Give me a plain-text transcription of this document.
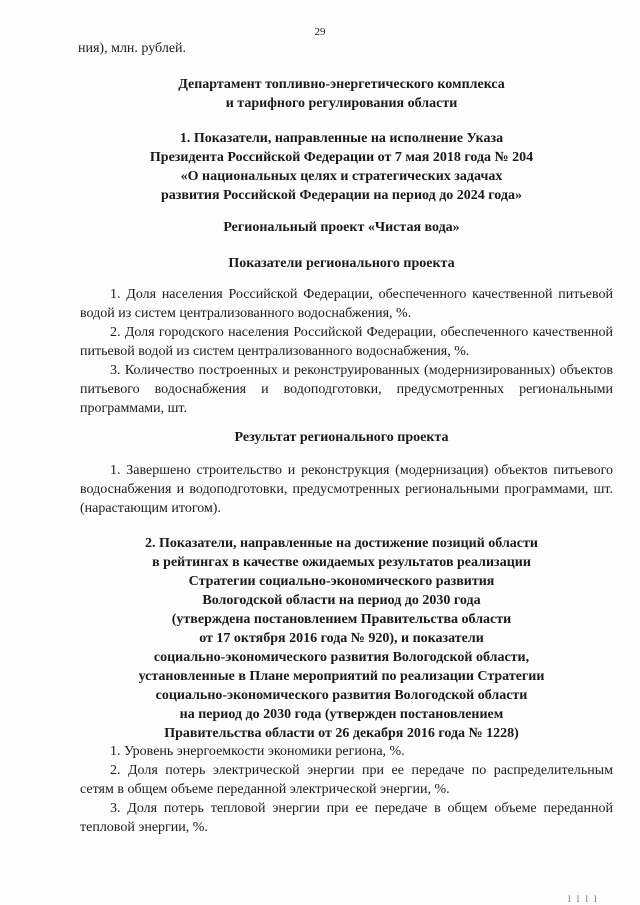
29
ния), млн. рублей.
Департамент топливно-энергетического комплекса
и тарифного регулирования области
1. Показатели, направленные на исполнение Указа
Президента Российской Федерации от 7 мая 2018 года № 204
«О национальных целях и стратегических задачах
развития Российской Федерации на период до 2024 года»
Региональный проект «Чистая вода»
Показатели регионального проекта

1. Доля населения Российской Федерации, обеспеченного качественной питьевой водой из систем централизованного водоснабжения, %.

2. Доля городского населения Российской Федерации, обеспеченного качественной питьевой водой из систем централизованного водоснабжения, %.

3. Количество построенных и реконструированных (модернизированных) объектов питьевого водоснабжения и водоподготовки, предусмотренных региональными программами, шт.

Результат регионального проекта

1. Завершено строительство и реконструкция (модернизация) объектов питьевого водоснабжения и водоподготовки, предусмотренных региональными программами, шт. (нарастающим итогом).

2. Показатели, направленные на достижение позиций области
в рейтингах в качестве ожидаемых результатов реализации
Стратегии социально-экономического развития
Вологодской области на период до 2030 года
(утверждена постановлением Правительства области
от 17 октября 2016 года № 920), и показатели
социально-экономического развития Вологодской области,
установленные в Плане мероприятий по реализации Стратегии
социально-экономического развития Вологодской области
на период до 2030 года (утвержден постановлением
Правительства области от 26 декабря 2016 года № 1228)

1. Уровень энергоемкости экономики региона, %.

2. Доля потерь электрической энергии при ее передаче по распределительным сетям в общем объеме переданной электрической энергии, %.

3. Доля потерь тепловой энергии при ее передаче в общем объеме переданной тепловой энергии, %.

l l l l
